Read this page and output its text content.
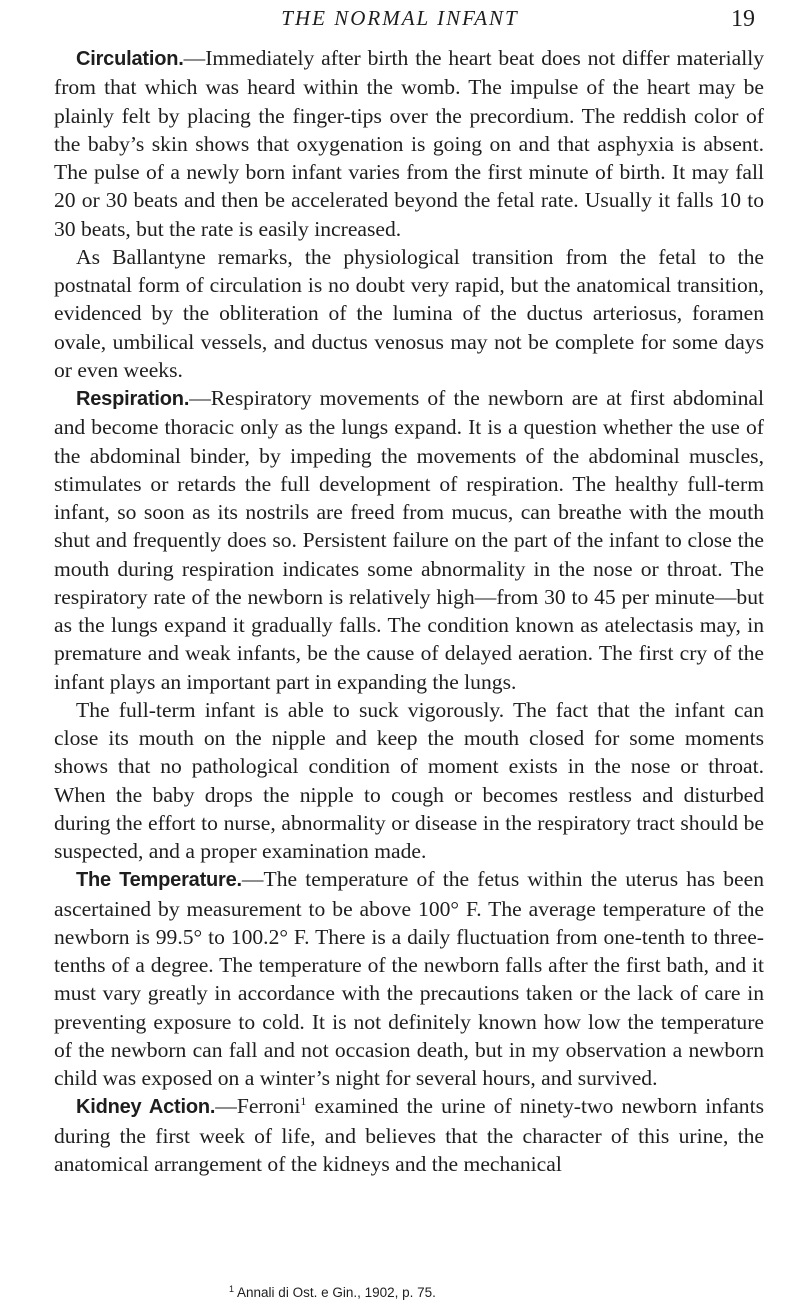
THE NORMAL INFANT	19

Circulation.—Immediately after birth the heart beat does not differ materially from that which was heard within the womb. The impulse of the heart may be plainly felt by placing the finger-tips over the precordium. The reddish color of the baby’s skin shows that oxygenation is going on and that asphyxia is absent. The pulse of a newly born infant varies from the first minute of birth. It may fall 20 or 30 beats and then be accelerated beyond the fetal rate. Usually it falls 10 to 30 beats, but the rate is easily increased.

As Ballantyne remarks, the physiological transition from the fetal to the postnatal form of circulation is no doubt very rapid, but the anatomical transition, evidenced by the obliteration of the lumina of the ductus arteriosus, foramen ovale, umbilical vessels, and ductus venosus may not be complete for some days or even weeks.

Respiration.—Respiratory movements of the newborn are at first abdominal and become thoracic only as the lungs expand. It is a question whether the use of the abdominal binder, by impeding the movements of the abdominal muscles, stimulates or retards the full development of respiration. The healthy full-term infant, so soon as its nostrils are freed from mucus, can breathe with the mouth shut and frequently does so. Persistent failure on the part of the infant to close the mouth during respiration indicates some abnormality in the nose or throat. The respiratory rate of the newborn is relatively high—from 30 to 45 per minute—but as the lungs expand it gradually falls. The condition known as atelectasis may, in premature and weak infants, be the cause of delayed aeration. The first cry of the infant plays an important part in expanding the lungs.

The full-term infant is able to suck vigorously. The fact that the infant can close its mouth on the nipple and keep the mouth closed for some moments shows that no pathological condition of moment exists in the nose or throat. When the baby drops the nipple to cough or becomes restless and disturbed during the effort to nurse, abnormality or disease in the respiratory tract should be suspected, and a proper examination made.

The Temperature.—The temperature of the fetus within the uterus has been ascertained by measurement to be above 100° F. The average temperature of the newborn is 99.5° to 100.2° F. There is a daily fluctuation from one-tenth to three-tenths of a degree. The temperature of the newborn falls after the first bath, and it must vary greatly in accordance with the precautions taken or the lack of care in preventing exposure to cold. It is not definitely known how low the temperature of the newborn can fall and not occasion death, but in my observation a newborn child was exposed on a winter’s night for several hours, and survived.

Kidney Action.—Ferroni$^1$ examined the urine of ninety-two newborn infants during the first week of life, and believes that the character of this urine, the anatomical arrangement of the kidneys and the mechanical

$^1$ Annali di Ost. e Gin., 1902, p. 75.
